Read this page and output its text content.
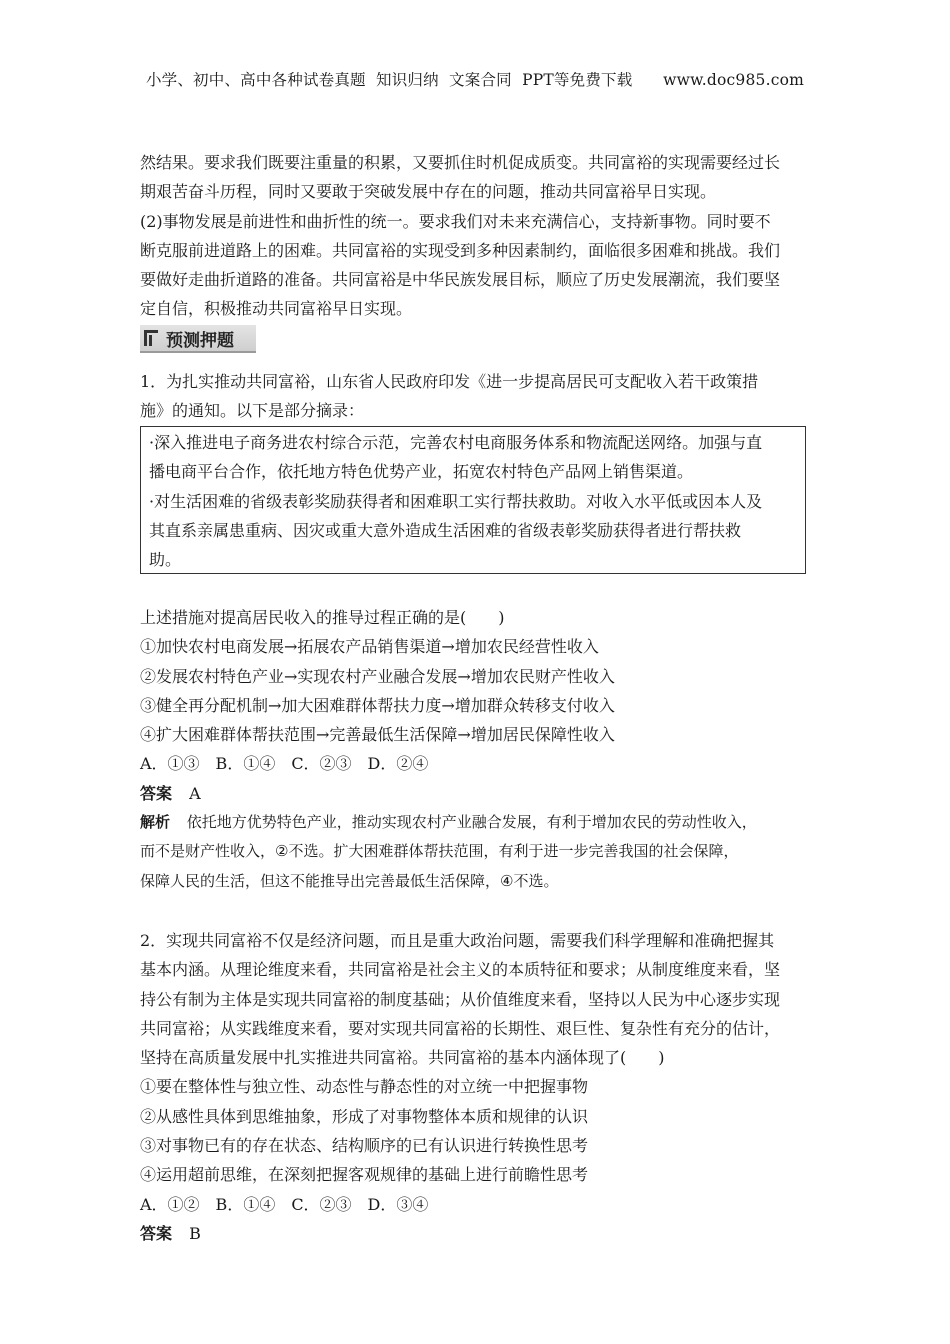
小学、初中、高中各种试卷真题  知识归纳  文案合同  PPT等免费下载      www.doc985.com

然结果。要求我们既要注重量的积累，又要抓住时机促成质变。共同富裕的实现需要经过长

期艰苦奋斗历程，同时又要敢于突破发展中存在的问题，推动共同富裕早日实现。

(2)事物发展是前进性和曲折性的统一。要求我们对未来充满信心，支持新事物。同时要不

断克服前进道路上的困难。共同富裕的实现受到多种因素制约，面临很多困难和挑战。我们

要做好走曲折道路的准备。共同富裕是中华民族发展目标，顺应了历史发展潮流，我们要坚

定自信，积极推动共同富裕早日实现。

预测押题

1．为扎实推动共同富裕，山东省人民政府印发《进一步提高居民可支配收入若干政策措

施》的通知。以下是部分摘录：

·深入推进电子商务进农村综合示范，完善农村电商服务体系和物流配送网络。加强与直

播电商平台合作，依托地方特色优势产业，拓宽农村特色产品网上销售渠道。

·对生活困难的省级表彰奖励获得者和困难职工实行帮扶救助。对收入水平低或因本人及

其直系亲属患重病、因灾或重大意外造成生活困难的省级表彰奖励获得者进行帮扶救

助。

上述措施对提高居民收入的推导过程正确的是(　　)

①加快农村电商发展→拓展农产品销售渠道→增加农民经营性收入

②发展农村特色产业→实现农村产业融合发展→增加农民财产性收入

③健全再分配机制→加大困难群体帮扶力度→增加群众转移支付收入

④扩大困难群体帮扶范围→完善最低生活保障→增加居民保障性收入

A．①③　B．①④　C．②③　D．②④

答案 A

解析 依托地方优势特色产业，推动实现农村产业融合发展，有利于增加农民的劳动性收入，

而不是财产性收入，②不选。扩大困难群体帮扶范围，有利于进一步完善我国的社会保障，

保障人民的生活，但这不能推导出完善最低生活保障，④不选。

2．实现共同富裕不仅是经济问题，而且是重大政治问题，需要我们科学理解和准确把握其

基本内涵。从理论维度来看，共同富裕是社会主义的本质特征和要求；从制度维度来看，坚

持公有制为主体是实现共同富裕的制度基础；从价值维度来看，坚持以人民为中心逐步实现

共同富裕；从实践维度来看，要对实现共同富裕的长期性、艰巨性、复杂性有充分的估计，

坚持在高质量发展中扎实推进共同富裕。共同富裕的基本内涵体现了(　　)

①要在整体性与独立性、动态性与静态性的对立统一中把握事物

②从感性具体到思维抽象，形成了对事物整体本质和规律的认识

③对事物已有的存在状态、结构顺序的已有认识进行转换性思考

④运用超前思维，在深刻把握客观规律的基础上进行前瞻性思考

A．①②　B．①④　C．②③　D．③④

答案 B
